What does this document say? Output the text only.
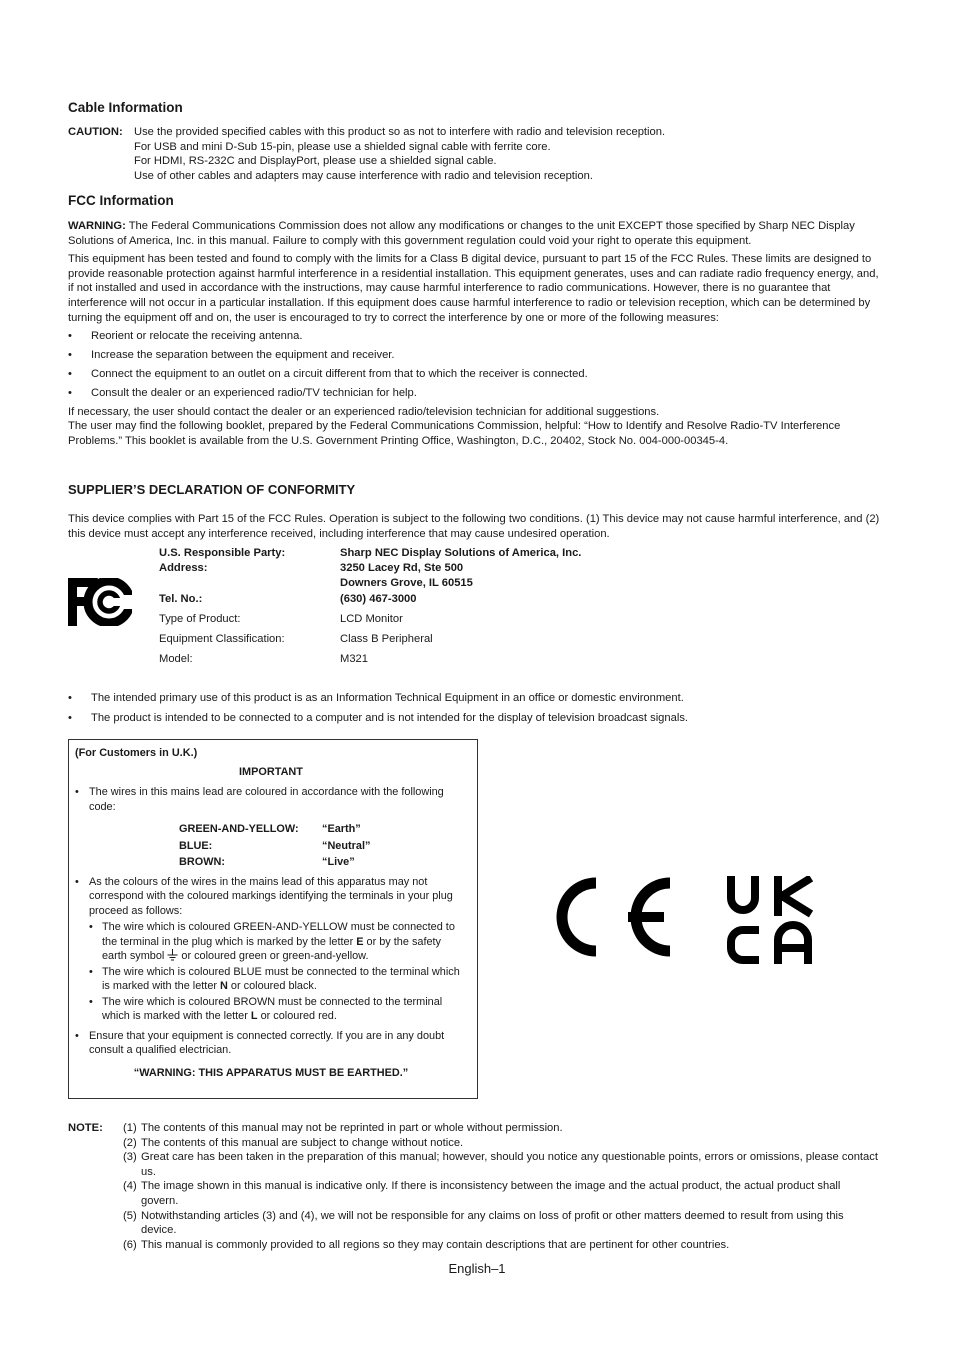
Cable Information
CAUTION: Use the provided specified cables with this product so as not to interfere with radio and television reception.

For USB and mini D-Sub 15-pin, please use a shielded signal cable with ferrite core.

For HDMI, RS-232C and DisplayPort, please use a shielded signal cable.

Use of other cables and adapters may cause interference with radio and television reception.

FCC Information

WARNING: The Federal Communications Commission does not allow any modifications or changes to the unit EXCEPT those specified by Sharp NEC Display Solutions of America, Inc. in this manual. Failure to comply with this government regulation could void your right to operate this equipment.

This equipment has been tested and found to comply with the limits for a Class B digital device, pursuant to part 15 of the FCC Rules. These limits are designed to provide reasonable protection against harmful interference in a residential installation. This equipment generates, uses and can radiate radio frequency energy, and, if not installed and used in accordance with the instructions, may cause harmful interference to radio communications. However, there is no guarantee that interference will not occur in a particular installation. If this equipment does cause harmful interference to radio or television reception, which can be determined by turning the equipment off and on, the user is encouraged to try to correct the interference by one or more of the following measures:

• Reorient or relocate the receiving antenna.
• Increase the separation between the equipment and receiver.
• Connect the equipment to an outlet on a circuit different from that to which the receiver is connected.
• Consult the dealer or an experienced radio/TV technician for help.

If necessary, the user should contact the dealer or an experienced radio/television technician for additional suggestions.

The user may find the following booklet, prepared by the Federal Communications Commission, helpful: “How to Identify and Resolve Radio-TV Interference Problems.” This booklet is available from the U.S. Government Printing Office, Washington, D.C., 20402, Stock No. 004-000-00345-4.

SUPPLIER’S DECLARATION OF CONFORMITY

This device complies with Part 15 of the FCC Rules. Operation is subject to the following two conditions. (1) This device may not cause harmful interference, and (2) this device must accept any interference received, including interference that may cause undesired operation.

U.S. Responsible Party:	Sharp NEC Display Solutions of America, Inc.
Address:	3250 Lacey Rd, Ste 500
Downers Grove, IL 60515
Tel. No.:	(630) 467-3000
Type of Product:	LCD Monitor
Equipment Classification:	Class B Peripheral
Model:	M321
• The intended primary use of this product is as an Information Technical Equipment in an office or domestic environment.
• The product is intended to be connected to a computer and is not intended for the display of television broadcast signals.
(For Customers in U.K.)
IMPORTANT
• The wires in this mains lead are coloured in accordance with the following code:
GREEN-AND-YELLOW: “Earth”
BLUE:	“Neutral”
BROWN:	“Live”
• As the colours of the wires in the mains lead of this apparatus may not correspond with the coloured markings identifying the terminals in your plug proceed as follows:
• The wire which is coloured GREEN-AND-YELLOW must be connected to the terminal in the plug which is marked by the letter E or by the safety earth symbol  or coloured green or green-and-yellow.
• The wire which is coloured BLUE must be connected to the terminal which is marked with the letter N or coloured black.
• The wire which is coloured BROWN must be connected to the terminal which is marked with the letter L or coloured red.
• Ensure that your equipment is connected correctly. If you are in any doubt consult a qualified electrician.
“WARNING: THIS APPARATUS MUST BE EARTHED.”
NOTE: (1) The contents of this manual may not be reprinted in part or whole without permission.
(2) The contents of this manual are subject to change without notice.
(3) Great care has been taken in the preparation of this manual; however, should you notice any questionable points, errors or omissions, please contact us.
(4) The image shown in this manual is indicative only. If there is inconsistency between the image and the actual product, the actual product shall govern.
(5) Notwithstanding articles (3) and (4), we will not be responsible for any claims on loss of profit or other matters deemed to result from using this device.
(6) This manual is commonly provided to all regions so they may contain descriptions that are pertinent for other countries.
English–1
